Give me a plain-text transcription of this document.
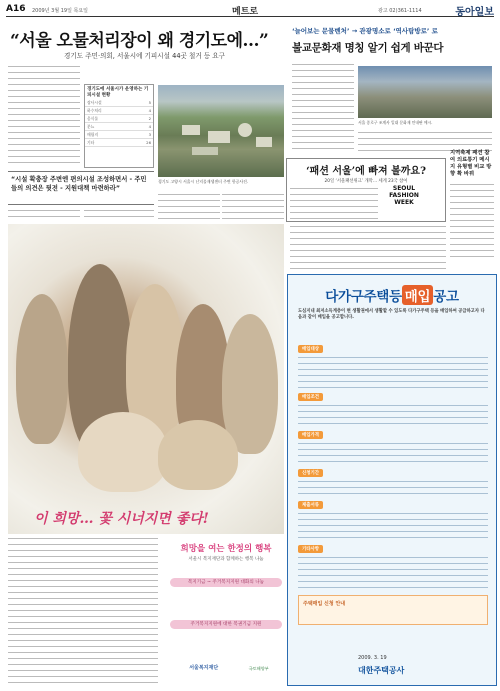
A16 2009년 3월 19일 목요일	메트로	광고 02)361-1114	동아일보
“서울 오물처리장이 왜 경기도에…”
경기도 주민·의회, 서울시에 기피시설 44곳 철거 등 요구
경기도에 서울시가 운영하는 기피시설 현황
장사시설	5
하수처리	4
음식물	2
분뇨	4
매립지	3
기타	26
“시설 확충장 주변엔 편의시설 조성하면서 ‐ 주민들의 의견은 뒷전 ‐ 지원대책 마련하라”
경기도 고양시 서울시 난지물재생센터 주변 항공사진.
‘늘어보는 문물벤처’ → 관광명소로 ‘역사탐방로’ 로
불교문화재 명칭 알기 쉽게 바꾼다
서울 종로구 조계사 일대 문화재 안내판 예시.
‘패션 서울’에 빠져 볼까요?
20일 ‘서울패션위크’ 개막… 세계 23국 참여
SEOUL FASHION WEEK
지역축제 패션 참여 의료통기 메시지 유형별 비교 방향 확 바꿔
이 희망… 꽃 시너지면 좋다!
희망을 여는 한정의 행복
서울시 복지재단과 함께하는 행복 나눔
복지기금 ~ 주거복지지원 대화의 나눔
주거복지지원에 대한 복권기금 지원
서울복지재단	국토해양부
다가구주택등 매입 공고
도심지내 최저소득계층이 현 생활권에서 생활할 수 있도록 다가구주택 등을 매입하여 공급하고자 다음과 같이 매입을 공고합니다.
매입대상
매입조건
매입가격
신청기간
제출서류
기타사항
주택매입 신청 안내
2009. 3. 19
대한주택공사
